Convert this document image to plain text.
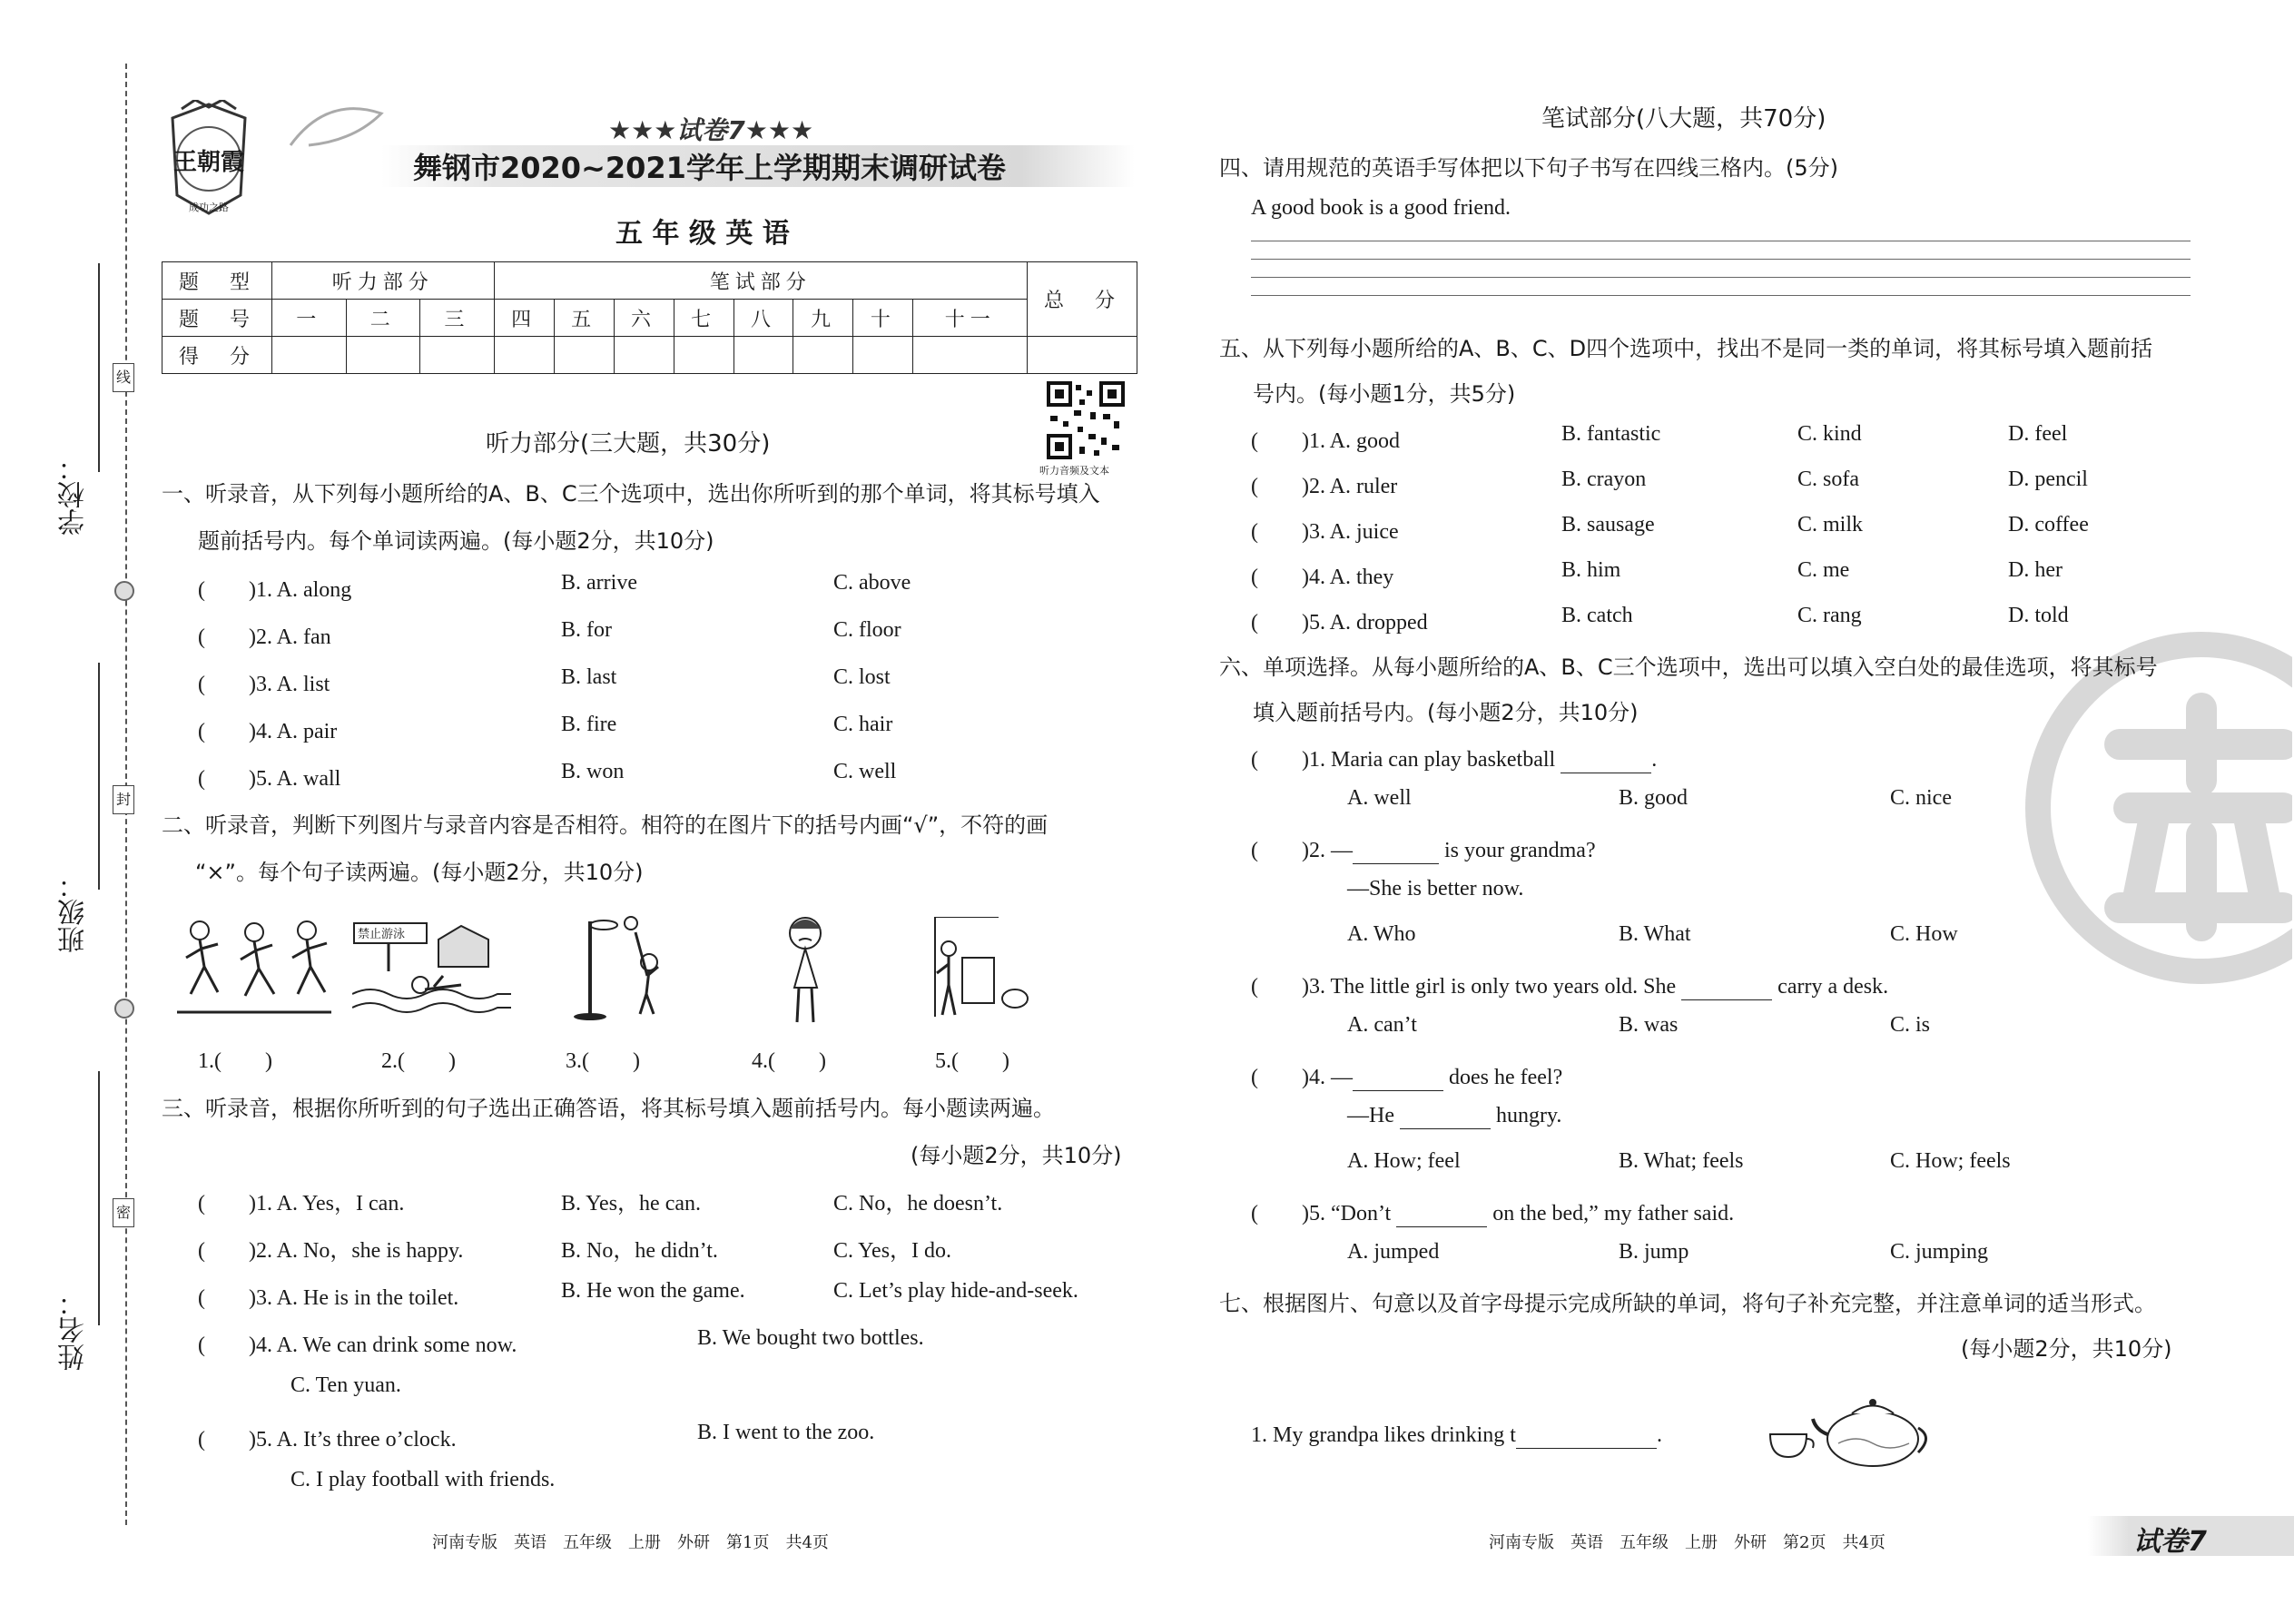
学校：
线
班级：
封
姓名：
密
王朝霞
成功之路
★★★试卷7★★★
舞钢市2020~2021学年上学期期末调研试卷
五 年 级 英 语
题　型	听力部分			笔试部分								总　分
题　号	一	二	三	四	五	六	七	八	九	十	十一	
得　分												
听力音频及文本
听力部分(三大题，共30分)
一、听录音，从下列每小题所给的A、B、C三个选项中，选出你所听到的那个单词，将其标号填入
题前括号内。每个单词读两遍。(每小题2分，共10分)
(　　)1. A. along	B. arrive	C. above
(　　)2. A. fan	B. for	C. floor
(　　)3. A. list	B. last	C. lost
(　　)4. A. pair	B. fire	C. hair
(　　)5. A. wall	B. won	C. well
二、听录音，判断下列图片与录音内容是否相符。相符的在图片下的括号内画“√”，不符的画
“×”。每个句子读两遍。(每小题2分，共10分)
禁止游泳
1.(　　)	2.(　　)	3.(　　)	4.(　　)	5.(　　)
三、听录音，根据你所听到的句子选出正确答语，将其标号填入题前括号内。每小题读两遍。
(每小题2分，共10分)
(　　)1. A. Yes，I can.	B. Yes，he can.	C. No，he doesn’t.
(　　)2. A. No，she is happy.	B. No，he didn’t.	C. Yes，I do.
(　　)3. A. He is in the toilet.	B. He won the game.	C. Let’s play hide-and-seek.
(　　)4. A. We can drink some now.	B. We bought two bottles.
C. Ten yuan.
(　　)5. A. It’s three o’clock.	B. I went to the zoo.
C. I play football with friends.
河南专版　英语　五年级　上册　外研　第1页　共4页
笔试部分(八大题，共70分)
四、请用规范的英语手写体把以下句子书写在四线三格内。(5分)
A good book is a good friend.
五、从下列每小题所给的A、B、C、D四个选项中，找出不是同一类的单词，将其标号填入题前括
号内。(每小题1分，共5分)
(　　)1. A. good	B. fantastic	C. kind	D. feel
(　　)2. A. ruler	B. crayon	C. sofa	D. pencil
(　　)3. A. juice	B. sausage	C. milk	D. coffee
(　　)4. A. they	B. him	C. me	D. her
(　　)5. A. dropped	B. catch	C. rang	D. told
六、单项选择。从每小题所给的A、B、C三个选项中，选出可以填入空白处的最佳选项，将其标号
填入题前括号内。(每小题2分，共10分)
(　　)1. Maria can play basketball	.
A. well	B. good	C. nice
(　　)2. —	is your grandma?
—She is better now.
A. Who	B. What	C. How
(　　)3. The little girl is only two years old. She	carry a desk.
A. can’t	B. was	C. is
(　　)4. —	does he feel?
—He	hungry.
A. How; feel	B. What; feels	C. How; feels
(　　)5. “Don’t	on the bed,” my father said.
A. jumped	B. jump	C. jumping
七、根据图片、句意以及首字母提示完成所缺的单词，将句子补充完整，并注意单词的适当形式。
(每小题2分，共10分)
1. My grandpa likes drinking t	.
河南专版　英语　五年级　上册　外研　第2页　共4页	试卷7
